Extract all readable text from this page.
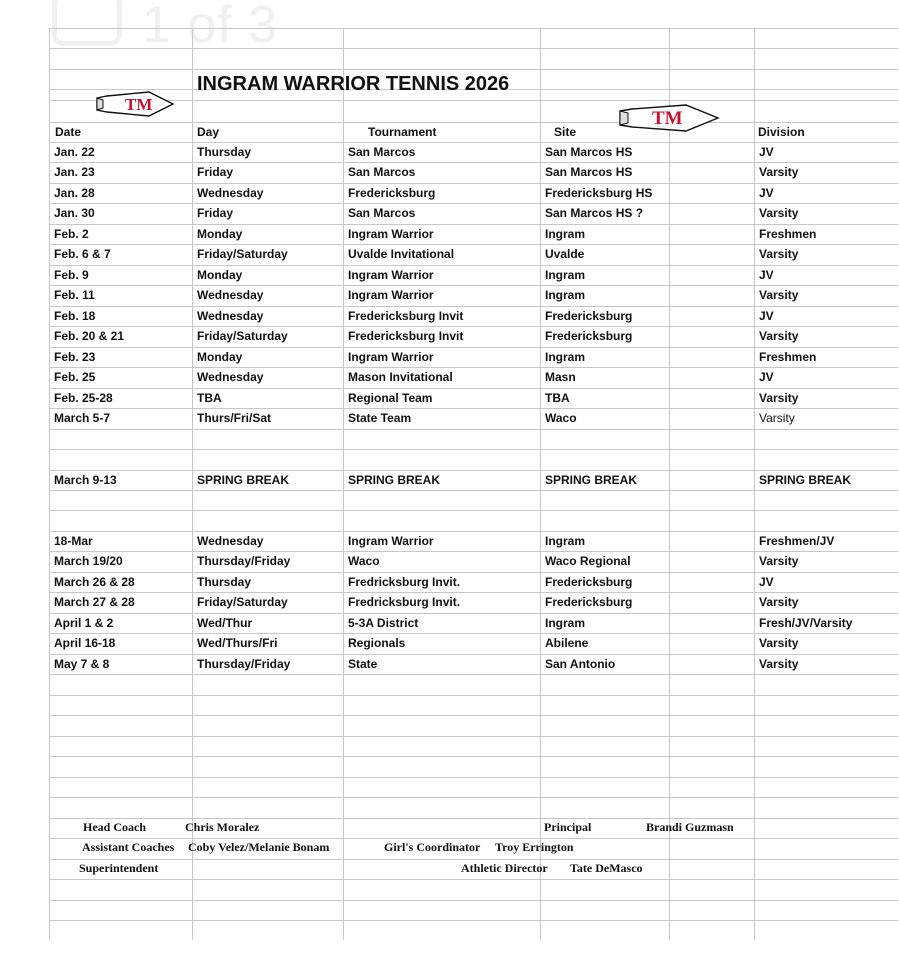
1 of 3
INGRAM WARRIOR TENNIS 2026
TM
TM
Date	Day	Tournament	Site	Division
Jan. 22	Thursday	San Marcos	San Marcos HS	JV
Jan. 23	Friday	San Marcos	San Marcos HS	Varsity
Jan. 28	Wednesday	Fredericksburg	Fredericksburg HS	JV
Jan. 30	Friday	San Marcos	San Marcos HS ?	Varsity
Feb. 2	Monday	Ingram Warrior	Ingram	Freshmen
Feb. 6 & 7	Friday/Saturday	Uvalde Invitational	Uvalde	Varsity
Feb. 9	Monday	Ingram Warrior	Ingram	JV
Feb. 11	Wednesday	Ingram Warrior	Ingram	Varsity
Feb. 18	Wednesday	Fredericksburg Invit	Fredericksburg	JV
Feb. 20 & 21	Friday/Saturday	Fredericksburg Invit	Fredericksburg	Varsity
Feb. 23	Monday	Ingram Warrior	Ingram	Freshmen
Feb. 25	Wednesday	Mason Invitational	Masn	JV
Feb. 25-28	TBA	Regional Team	TBA	Varsity
March 5-7	Thurs/Fri/Sat	State Team	Waco	Varsity
March 9-13	SPRING BREAK	SPRING BREAK	SPRING BREAK	SPRING BREAK
18-Mar	Wednesday	Ingram Warrior	Ingram	Freshmen/JV
March 19/20	Thursday/Friday	Waco	Waco Regional	Varsity
March 26 & 28	Thursday	Fredricksburg Invit.	Fredericksburg	JV
March 27 & 28	Friday/Saturday	Fredricksburg Invit.	Fredericksburg	Varsity
April 1 & 2	Wed/Thur	5-3A District	Ingram	Fresh/JV/Varsity
April 16-18	Wed/Thurs/Fri	Regionals	Abilene	Varsity
May 7 & 8	Thursday/Friday	State	San Antonio	Varsity
Head Coach	Chris Moralez	Principal	Brandi Guzmasn
Assistant Coaches Coby Velez/Melanie Bonam	Girl's Coordinator Troy Errington
Superintendent	Athletic Director Tate DeMasco
